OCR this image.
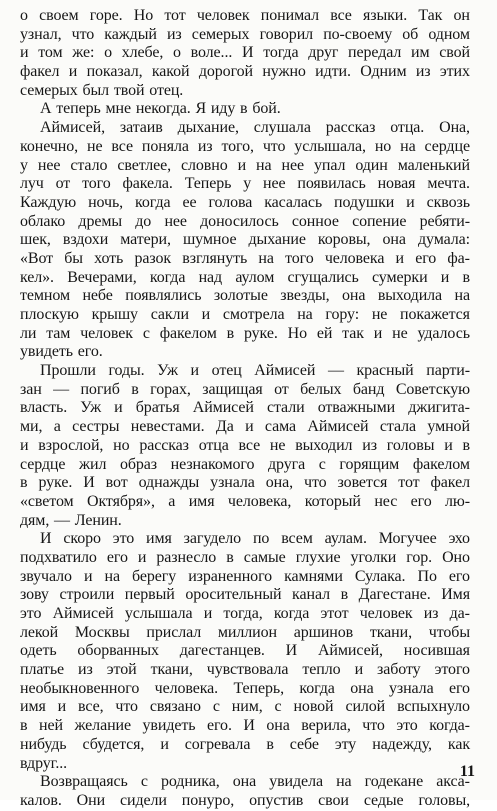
о своем горе. Но тот человек понимал все языки. Так он
узнал, что каждый из семерых говорил по-своему об одном
и том же: о хлебе, о воле... И тогда друг передал им свой
факел и показал, какой дорогой нужно идти. Одним из этих
семерых был твой отец.
А теперь мне некогда. Я иду в бой.
Аймисей, затаив дыхание, слушала рассказ отца. Она,
конечно, не все поняла из того, что услышала, но на сердце
у нее стало светлее, словно и на нее упал один маленький
луч от того факела. Теперь у нее появилась новая мечта.
Каждую ночь, когда ее голова касалась подушки и сквозь
облако дремы до нее доносилось сонное сопение ребяти-
шек, вздохи матери, шумное дыхание коровы, она думала:
«Вот бы хоть разок взглянуть на того человека и его фа-
кел». Вечерами, когда над аулом сгущались сумерки и в
темном небе появлялись золотые звезды, она выходила на
плоскую крышу сакли и смотрела на гору: не покажется
ли там человек с факелом в руке. Но ей так и не удалось
увидеть его.
Прошли годы. Уж и отец Аймисей — красный парти-
зан — погиб в горах, защищая от белых банд Советскую
власть. Уж и братья Аймисей стали отважными джигита-
ми, а сестры невестами. Да и сама Аймисей стала умной
и взрослой, но рассказ отца все не выходил из головы и в
сердце жил образ незнакомого друга с горящим факелом
в руке. И вот однажды узнала она, что зовется тот факел
«светом Октября», а имя человека, который нес его лю-
дям, — Ленин.
И скоро это имя загудело по всем аулам. Могучее эхо
подхватило его и разнесло в самые глухие уголки гор. Оно
звучало и на берегу израненного камнями Сулака. По его
зову строили первый оросительный канал в Дагестане. Имя
это Аймисей услышала и тогда, когда этот человек из да-
лекой Москвы прислал миллион аршинов ткани, чтобы
одеть оборванных дагестанцев. И Аймисей, носившая
платье из этой ткани, чувствовала тепло и заботу этого
необыкновенного человека. Теперь, когда она узнала его
имя и все, что связано с ним, с новой силой вспыхнуло
в ней желание увидеть его. И она верила, что это когда-
нибудь сбудется, и согревала в себе эту надежду, как
вдруг...
Возвращаясь с родника, она увидела на годекане акса-
калов. Они сидели понуро, опустив свои седые головы,
11
